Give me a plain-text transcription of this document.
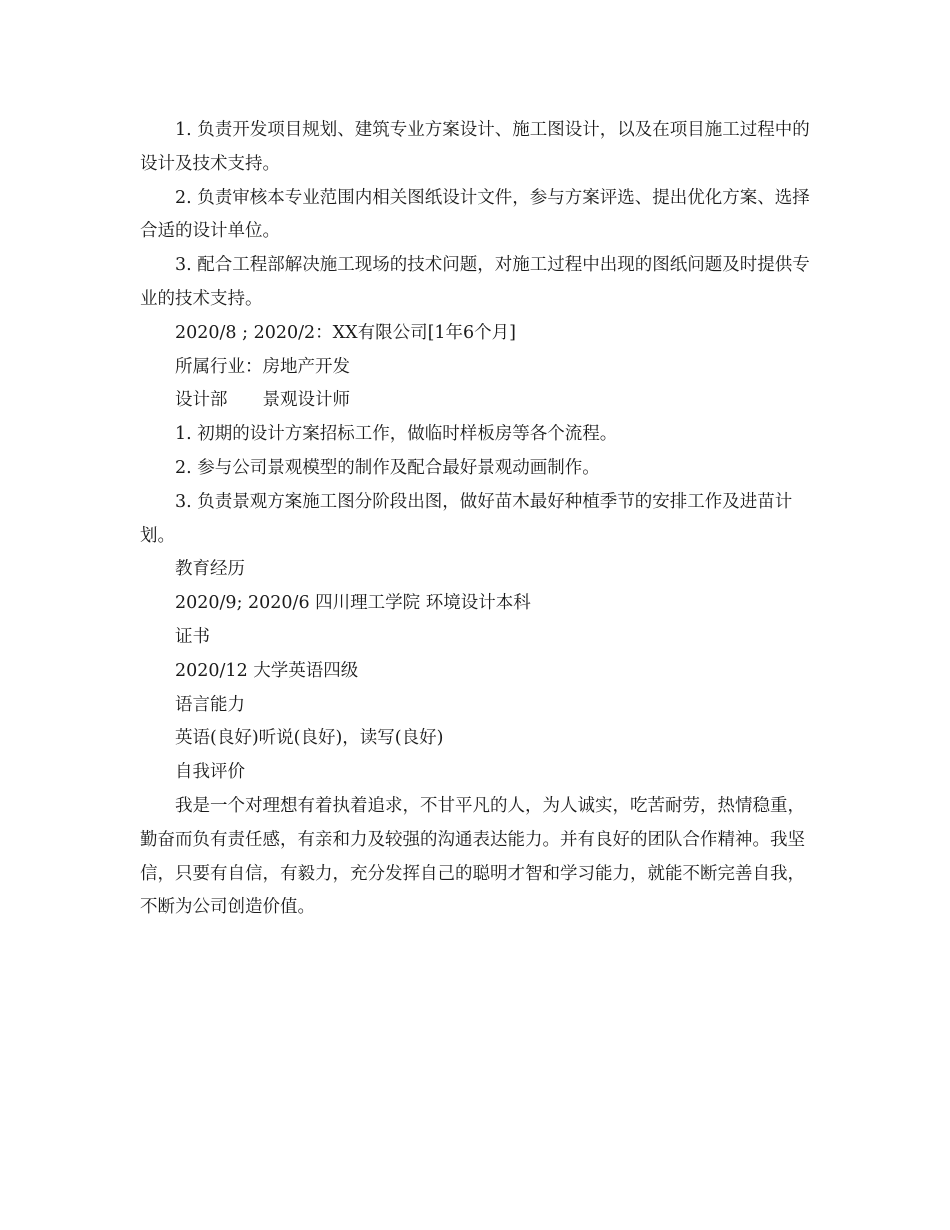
1. 负责开发项目规划、建筑专业方案设计、施工图设计，以及在项目施工过程中的设计及技术支持。

2. 负责审核本专业范围内相关图纸设计文件，参与方案评选、提出优化方案、选择合适的设计单位。

3. 配合工程部解决施工现场的技术问题，对施工过程中出现的图纸问题及时提供专业的技术支持。

2020/8 ; 2020/2：XX有限公司[1年6个月]

所属行业：房地产开发

设计部　　景观设计师

1. 初期的设计方案招标工作，做临时样板房等各个流程。

2. 参与公司景观模型的制作及配合最好景观动画制作。

3. 负责景观方案施工图分阶段出图，做好苗木最好种植季节的安排工作及进苗计划。

教育经历

2020/9; 2020/6 四川理工学院 环境设计本科

证书

2020/12 大学英语四级

语言能力

英语(良好)听说(良好)，读写(良好)

自我评价

我是一个对理想有着执着追求，不甘平凡的人，为人诚实，吃苦耐劳，热情稳重，勤奋而负有责任感，有亲和力及较强的沟通表达能力。并有良好的团队合作精神。我坚信，只要有自信，有毅力，充分发挥自己的聪明才智和学习能力，就能不断完善自我，不断为公司创造价值。
